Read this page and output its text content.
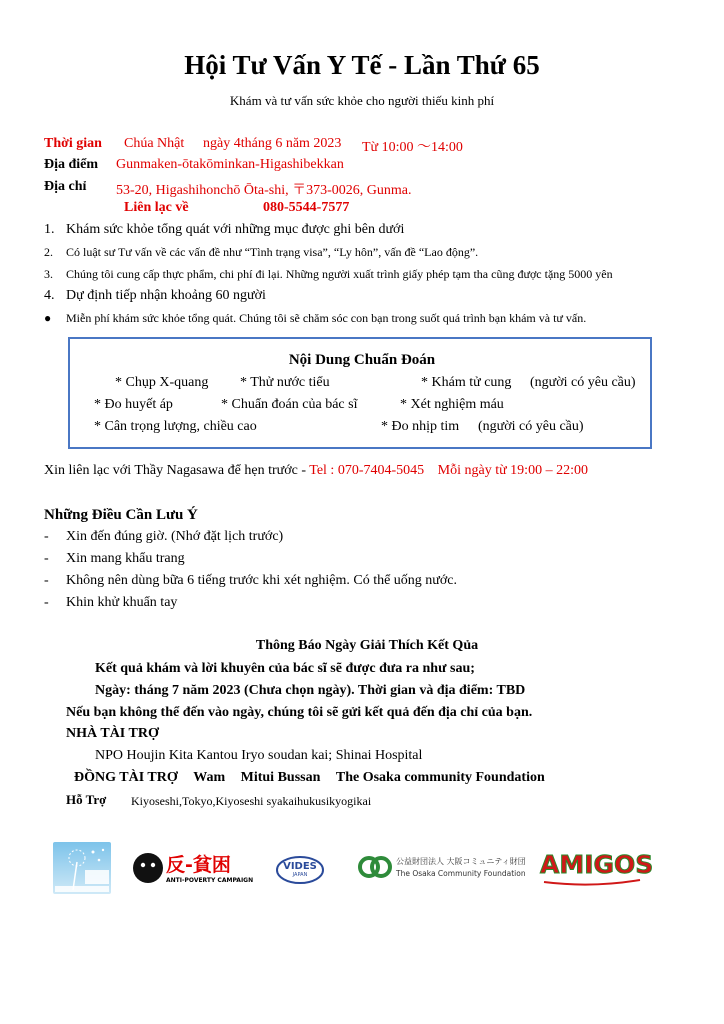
Hội Tư Vấn Y Tế - Lần Thứ 65
Khám và tư vấn sức khỏe cho người thiếu kinh phí
Thời gian Chúa Nhật ngày 4tháng 6 năm 2023 Từ 10:00 ～14:00
Địa điểm Gunmaken-ōtakōminkan-Higashibekkan
Địa chỉ 53-20, Higashihonchō Ōta-shi, 〒373-0026, Gunma.
Liên lạc về	080-5544-7577
1. Khám sức khỏe tổng quát với những mục được ghi bên dưới
2. Có luật sư Tư vấn về các vấn đề như “Tình trạng visa”, “Ly hôn”, vấn đề “Lao động”.
3. Chúng tôi cung cấp thực phẩm, chi phí đi lại. Những người xuất trình giấy phép tạm tha cũng được tặng 5000 yên
4. Dự định tiếp nhận khoảng 60 người
● Miễn phí khám sức khỏe tổng quát. Chúng tôi sẽ chăm sóc con bạn trong suốt quá trình bạn khám và tư vấn.
Nội Dung Chuẩn Đoán
* Chụp X-quang * Thử nước tiểu	* Khám tử cung (người có yêu cầu)
* Đo huyết áp	* Chuẩn đoán của bác sĩ	* Xét nghiệm máu
* Cân trọng lượng, chiều cao	* Đo nhịp tim (người có yêu cầu)
Xin liên lạc với Thầy Nagasawa để hẹn trước - Tel : 070-7404-5045 Mỗi ngày từ 19:00 – 22:00
Những Điều Cần Lưu Ý
- Xin đến đúng giờ. (Nhớ đặt lịch trước)
- Xin mang khẩu trang
- Không nên dùng bữa 6 tiếng trước khi xét nghiệm. Có thể uống nước.
- Khin khử khuẩn tay
Thông Báo Ngày Giải Thích Kết Qủa
Kết quả khám và lời khuyên của bác sĩ sẽ được đưa ra như sau;
Ngày: tháng 7 năm 2023 (Chưa chọn ngày). Thời gian và địa điểm: TBD
Nếu bạn không thể đến vào ngày, chúng tôi sẽ gửi kết quả đến địa chỉ của bạn.
NHÀ TÀI TRỢ
NPO Houjin Kita Kantou Iryo soudan kai; Shinai Hospital
ĐỒNG TÀI TRỢ Wam Mitui Bussan The Osaka community Foundation
Hỗ Trợ Kiyoseshi,Tokyo,Kiyoseshi syakaihukusikyogikai
反-貧困
ANTI-POVERTY CAMPAIGN
VIDES
JAPAN
公益財団法人 大阪コミュニティ財団
The Osaka Community Foundation AMIGOS
